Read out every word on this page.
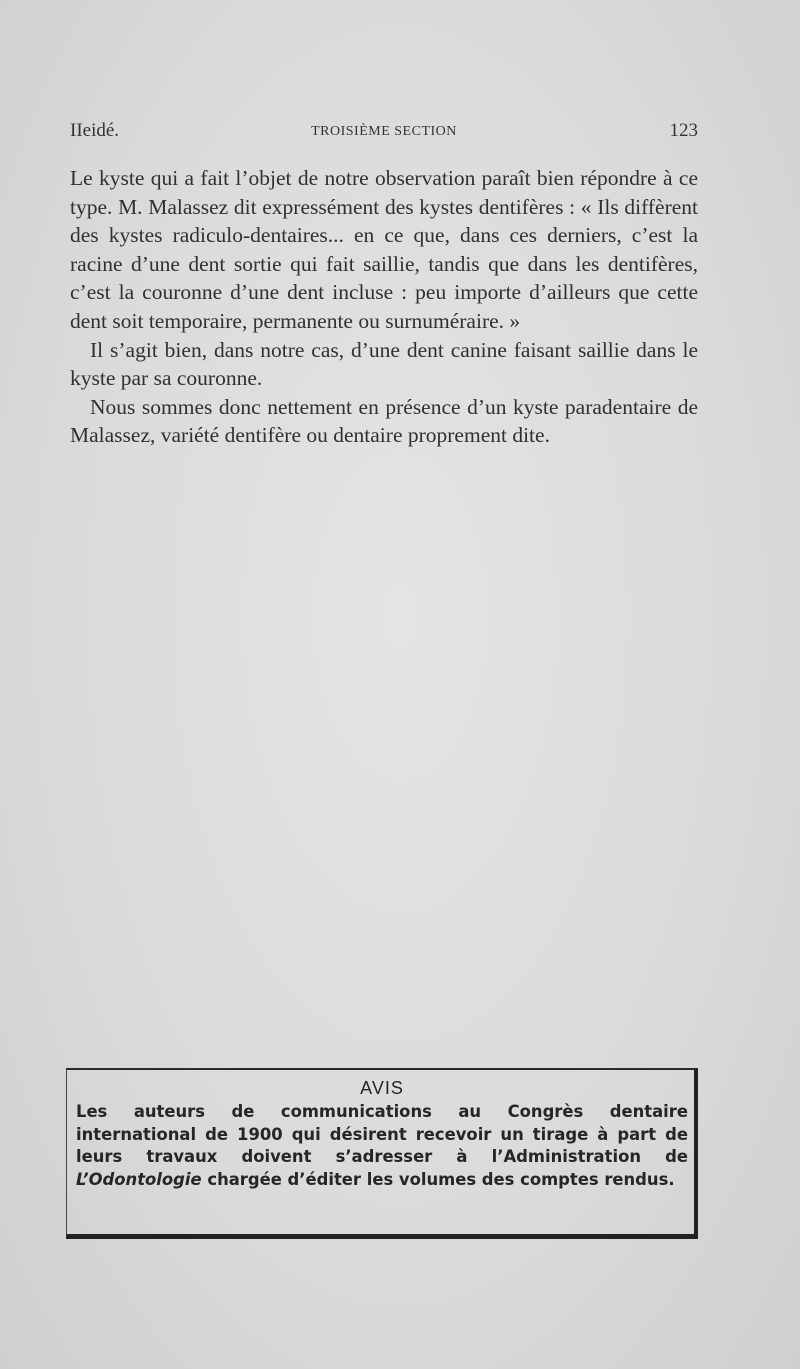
IIeidé.	TROISIÈME SECTION	123

Le kyste qui a fait l’objet de notre observation paraît bien répondre à ce type. M. Malassez dit expressément des kystes dentifères : « Ils diffèrent des kystes radiculo-dentaires... en ce que, dans ces derniers, c’est la racine d’une dent sortie qui fait saillie, tandis que dans les dentifères, c’est la couronne d’une dent incluse : peu importe d’ailleurs que cette dent soit temporaire, permanente ou surnuméraire. »

Il s’agit bien, dans notre cas, d’une dent canine faisant saillie dans le kyste par sa couronne.

Nous sommes donc nettement en présence d’un kyste paradentaire de Malassez, variété dentifère ou dentaire proprement dite.

AVIS
Les auteurs de communications au Congrès dentaire international de 1900 qui désirent recevoir un tirage à part de leurs travaux doivent s’adresser à l’Administration de L’Odontologie chargée d’éditer les volumes des comptes rendus.
